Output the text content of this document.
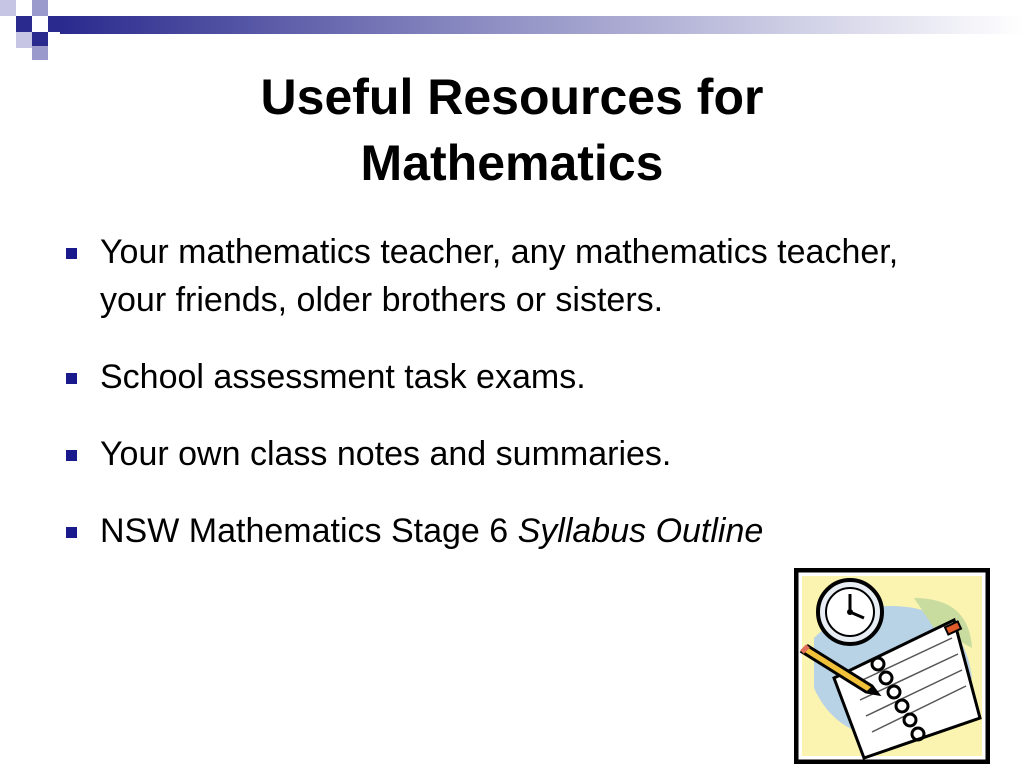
Useful Resources for Mathematics
Your mathematics teacher, any mathematics teacher, your friends, older brothers or sisters.
School assessment task exams.
Your own class notes and summaries.
NSW Mathematics Stage 6 Syllabus Outline
